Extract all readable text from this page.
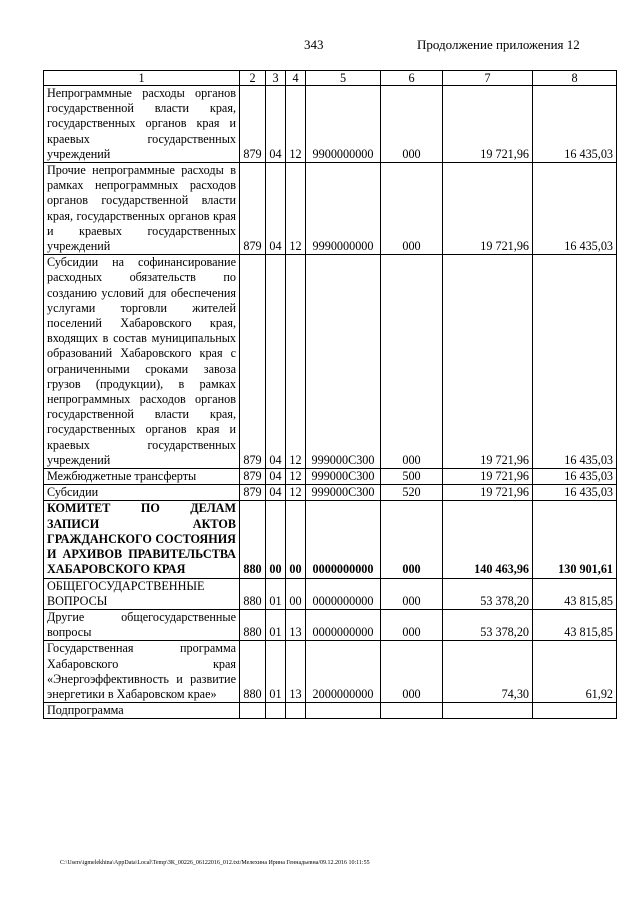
343	Продолжение приложения 12
1	2	3	4	5	6	7	8
Непрограммные расходы органов государственной власти края, государственных органов края и краевых государственных учреждений	879	04	12	9900000000	000	19 721,96	16 435,03
Прочие непрограммные расходы в рамках непрограммных расходов органов государственной власти края, государственных органов края и краевых государственных учреждений	879	04	12	9990000000	000	19 721,96	16 435,03
Субсидии на софинансирование расходных обязательств по созданию условий для обеспечения услугами торговли жителей поселений Хабаровского края, входящих в состав муниципальных образований Хабаровского края с ограниченными сроками завоза грузов (продукции), в рамках непрограммных расходов органов государственной власти края, государственных органов края и краевых государственных учреждений	879	04	12	999000С300	000	19 721,96	16 435,03
Межбюджетные трансферты	879	04	12	999000С300	500	19 721,96	16 435,03
Субсидии	879	04	12	999000С300	520	19 721,96	16 435,03
КОМИТЕТ ПО ДЕЛАМ ЗАПИСИ АКТОВ ГРАЖДАНСКОГО СОСТОЯНИЯ И АРХИВОВ ПРАВИТЕЛЬСТВА ХАБАРОВСКОГО КРАЯ	880	00	00	0000000000	000	140 463,96	130 901,61
ОБЩЕГОСУДАРСТВЕННЫЕ ВОПРОСЫ	880	01	00	0000000000	000	53 378,20	43 815,85
Другие общегосударственные вопросы	880	01	13	0000000000	000	53 378,20	43 815,85
Государственная программа Хабаровского края «Энергоэффективность и развитие энергетики в Хабаровском крае»	880	01	13	2000000000	000	74,30	61,92
Подпрограмма							
C:\Users\igmelekhina\AppData\Local\Temp\ЗК_00226_06122016_012.txt/Мелехина Ирина Геннадьевна/09.12.2016 10:11:55
